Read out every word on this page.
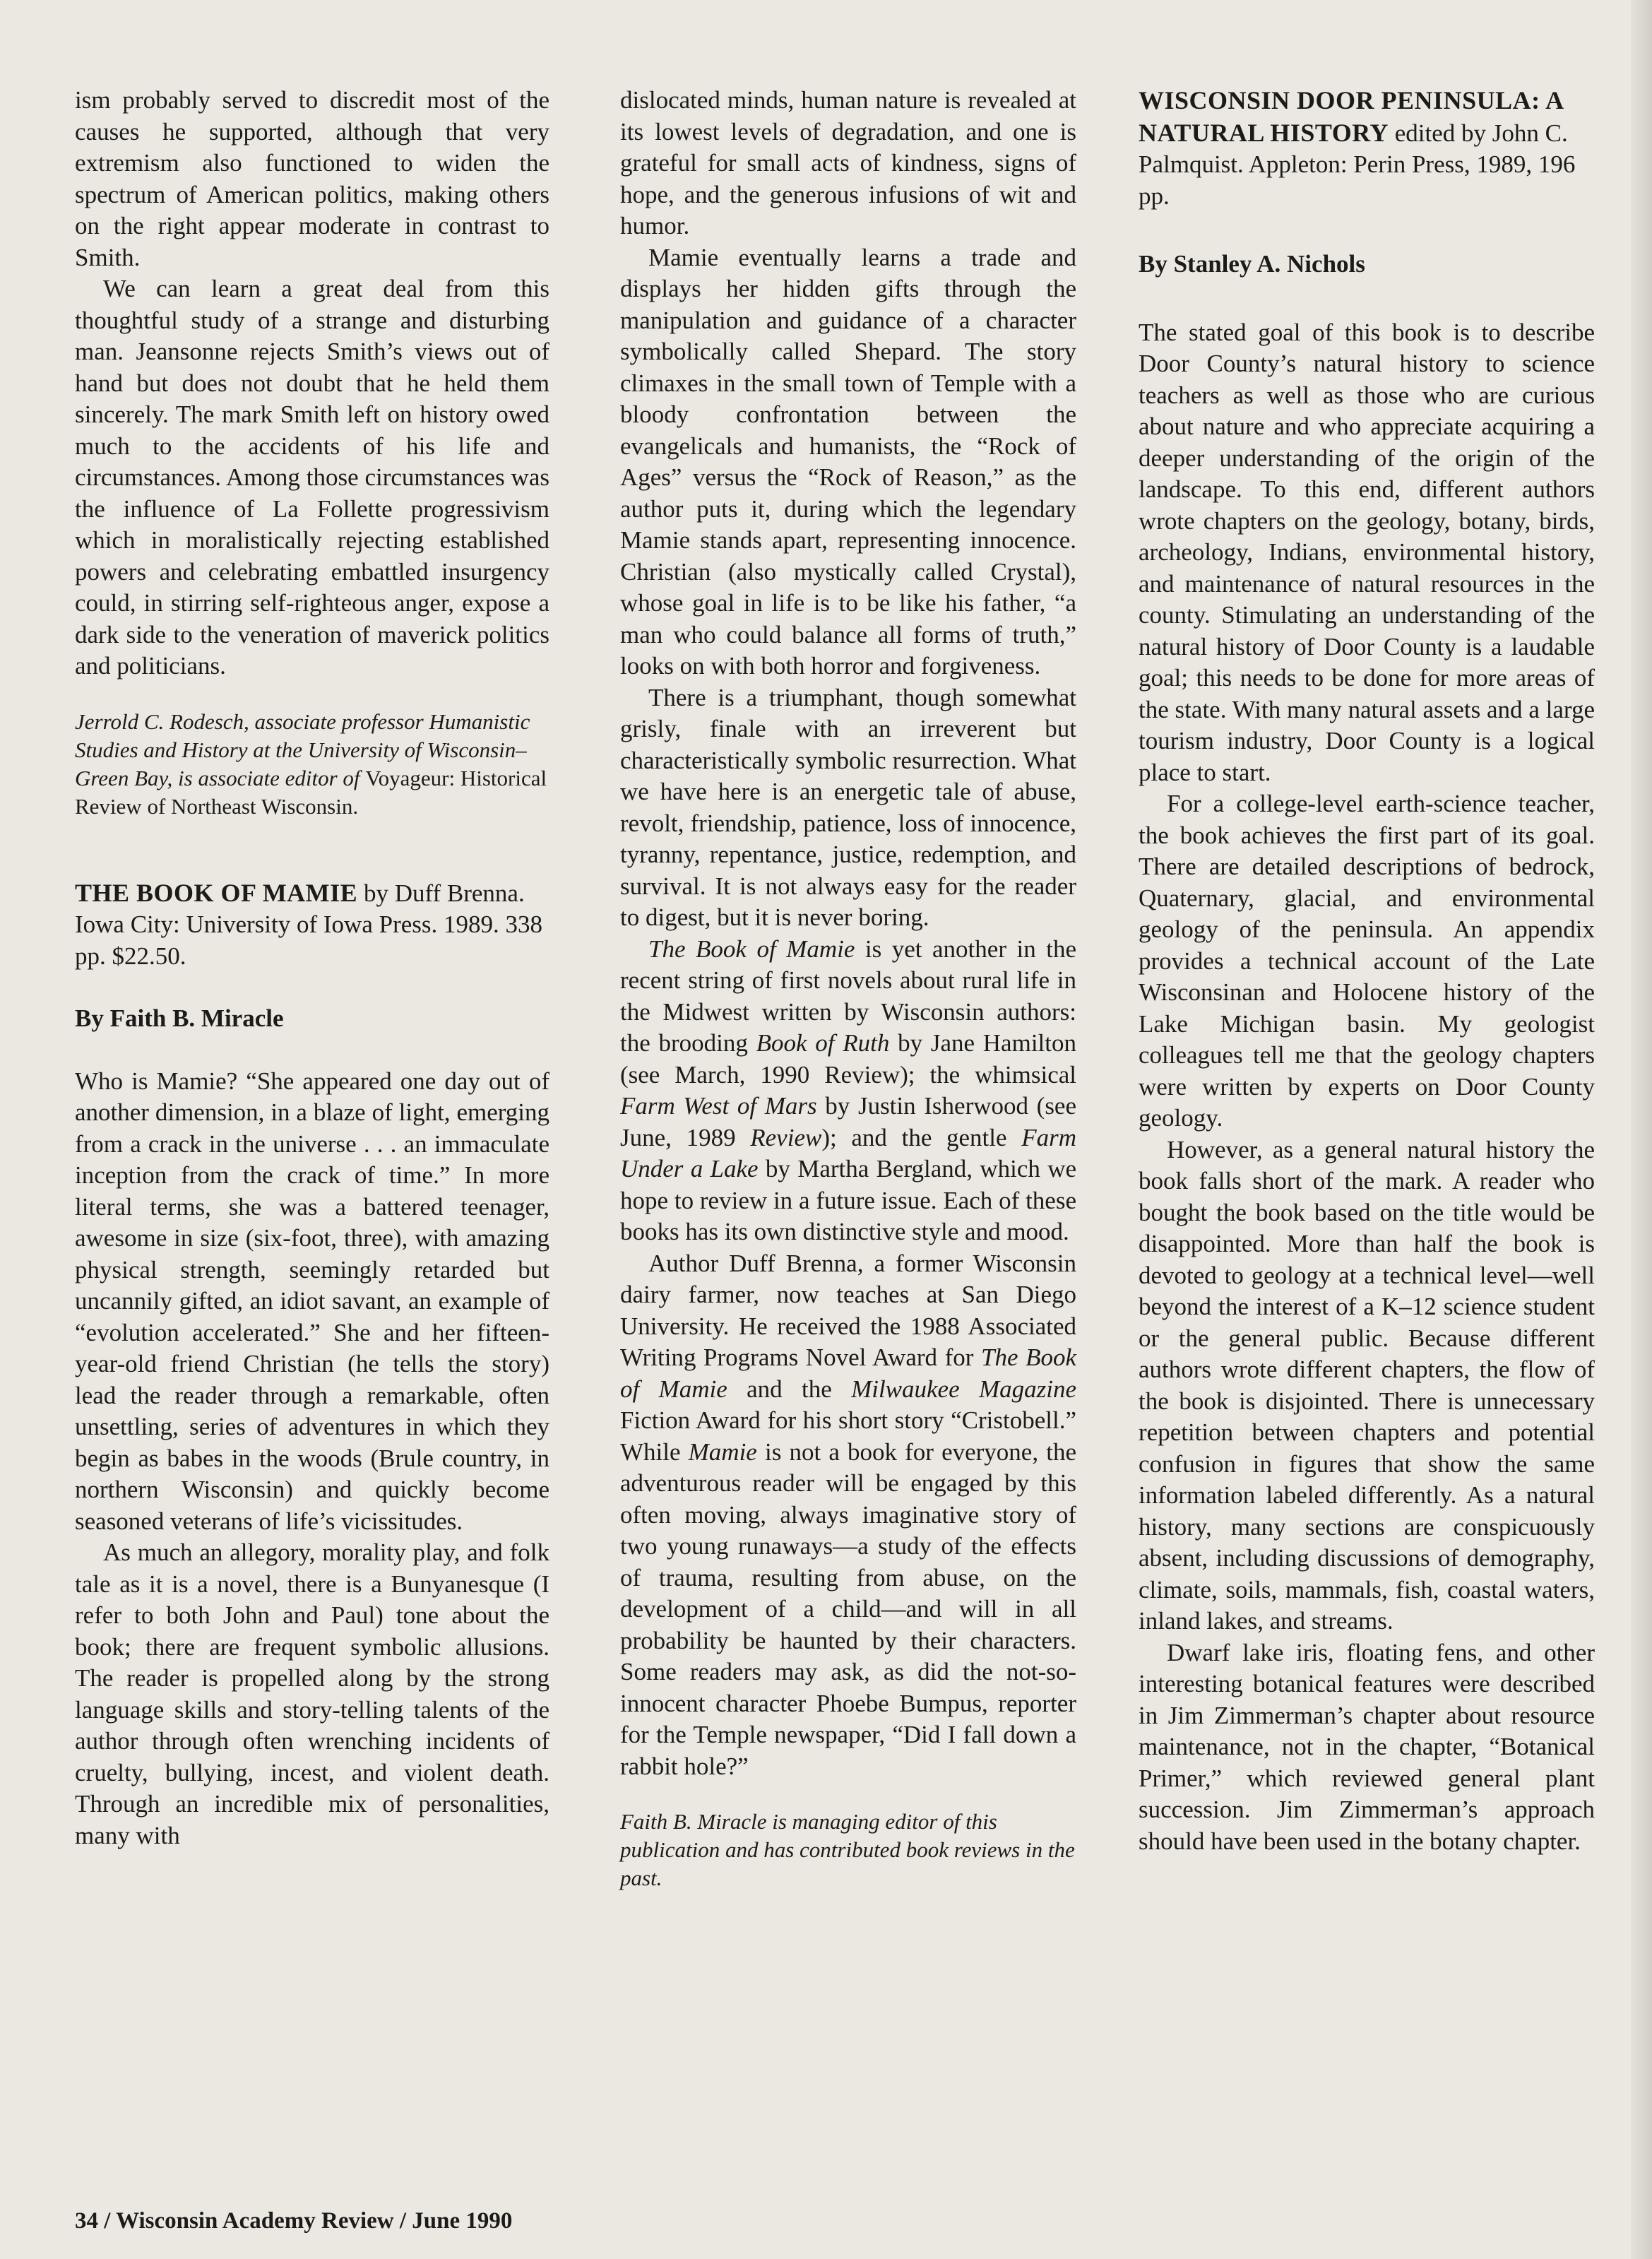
ism probably served to discredit most of the causes he supported, although that very extremism also functioned to widen the spectrum of American politics, making others on the right appear moderate in contrast to Smith.

We can learn a great deal from this thoughtful study of a strange and disturbing man. Jeansonne rejects Smith’s views out of hand but does not doubt that he held them sincerely. The mark Smith left on history owed much to the accidents of his life and circumstances. Among those circumstances was the influence of La Follette progressivism which in moralistically rejecting established powers and celebrating embattled insurgency could, in stirring self-righteous anger, expose a dark side to the veneration of maverick politics and politicians.

Jerrold C. Rodesch, associate professor Humanistic Studies and History at the University of Wisconsin–Green Bay, is associate editor of Voyageur: Historical Review of Northeast Wisconsin.

THE BOOK OF MAMIE by Duff Brenna. Iowa City: University of Iowa Press. 1989. 338 pp. $22.50.

By Faith B. Miracle

Who is Mamie? “She appeared one day out of another dimension, in a blaze of light, emerging from a crack in the universe . . . an immaculate inception from the crack of time.” In more literal terms, she was a battered teenager, awesome in size (six-foot, three), with amazing physical strength, seemingly retarded but uncannily gifted, an idiot savant, an example of “evolution accelerated.” She and her fifteen-year-old friend Christian (he tells the story) lead the reader through a remarkable, often unsettling, series of adventures in which they begin as babes in the woods (Brule country, in northern Wisconsin) and quickly become seasoned veterans of life’s vicissitudes.

As much an allegory, morality play, and folk tale as it is a novel, there is a Bunyanesque (I refer to both John and Paul) tone about the book; there are frequent symbolic allusions. The reader is propelled along by the strong language skills and story-telling talents of the author through often wrenching incidents of cruelty, bullying, incest, and violent death. Through an incredible mix of personalities, many with

dislocated minds, human nature is revealed at its lowest levels of degradation, and one is grateful for small acts of kindness, signs of hope, and the generous infusions of wit and humor.

Mamie eventually learns a trade and displays her hidden gifts through the manipulation and guidance of a character symbolically called Shepard. The story climaxes in the small town of Temple with a bloody confrontation between the evangelicals and humanists, the “Rock of Ages” versus the “Rock of Reason,” as the author puts it, during which the legendary Mamie stands apart, representing innocence. Christian (also mystically called Crystal), whose goal in life is to be like his father, “a man who could balance all forms of truth,” looks on with both horror and forgiveness.

There is a triumphant, though somewhat grisly, finale with an irreverent but characteristically symbolic resurrection. What we have here is an energetic tale of abuse, revolt, friendship, patience, loss of innocence, tyranny, repentance, justice, redemption, and survival. It is not always easy for the reader to digest, but it is never boring.

The Book of Mamie is yet another in the recent string of first novels about rural life in the Midwest written by Wisconsin authors: the brooding Book of Ruth by Jane Hamilton (see March, 1990 Review); the whimsical Farm West of Mars by Justin Isherwood (see June, 1989 Review); and the gentle Farm Under a Lake by Martha Bergland, which we hope to review in a future issue. Each of these books has its own distinctive style and mood.

Author Duff Brenna, a former Wisconsin dairy farmer, now teaches at San Diego University. He received the 1988 Associated Writing Programs Novel Award for The Book of Mamie and the Milwaukee Magazine Fiction Award for his short story “Cristobell.” While Mamie is not a book for everyone, the adventurous reader will be engaged by this often moving, always imaginative story of two young runaways—a study of the effects of trauma, resulting from abuse, on the development of a child—and will in all probability be haunted by their characters. Some readers may ask, as did the not-so-innocent character Phoebe Bumpus, reporter for the Temple newspaper, “Did I fall down a rabbit hole?”

Faith B. Miracle is managing editor of this publication and has contributed book reviews in the past.

WISCONSIN DOOR PENINSULA: A NATURAL HISTORY edited by John C. Palmquist. Appleton: Perin Press, 1989, 196 pp.

By Stanley A. Nichols

The stated goal of this book is to describe Door County’s natural history to science teachers as well as those who are curious about nature and who appreciate acquiring a deeper understanding of the origin of the landscape. To this end, different authors wrote chapters on the geology, botany, birds, archeology, Indians, environmental history, and maintenance of natural resources in the county. Stimulating an understanding of the natural history of Door County is a laudable goal; this needs to be done for more areas of the state. With many natural assets and a large tourism industry, Door County is a logical place to start.

For a college-level earth-science teacher, the book achieves the first part of its goal. There are detailed descriptions of bedrock, Quaternary, glacial, and environmental geology of the peninsula. An appendix provides a technical account of the Late Wisconsinan and Holocene history of the Lake Michigan basin. My geologist colleagues tell me that the geology chapters were written by experts on Door County geology.

However, as a general natural history the book falls short of the mark. A reader who bought the book based on the title would be disappointed. More than half the book is devoted to geology at a technical level—well beyond the interest of a K–12 science student or the general public. Because different authors wrote different chapters, the flow of the book is disjointed. There is unnecessary repetition between chapters and potential confusion in figures that show the same information labeled differently. As a natural history, many sections are conspicuously absent, including discussions of demography, climate, soils, mammals, fish, coastal waters, inland lakes, and streams.

Dwarf lake iris, floating fens, and other interesting botanical features were described in Jim Zimmerman’s chapter about resource maintenance, not in the chapter, “Botanical Primer,” which reviewed general plant succession. Jim Zimmerman’s approach should have been used in the botany chapter.

34 / Wisconsin Academy Review / June 1990
